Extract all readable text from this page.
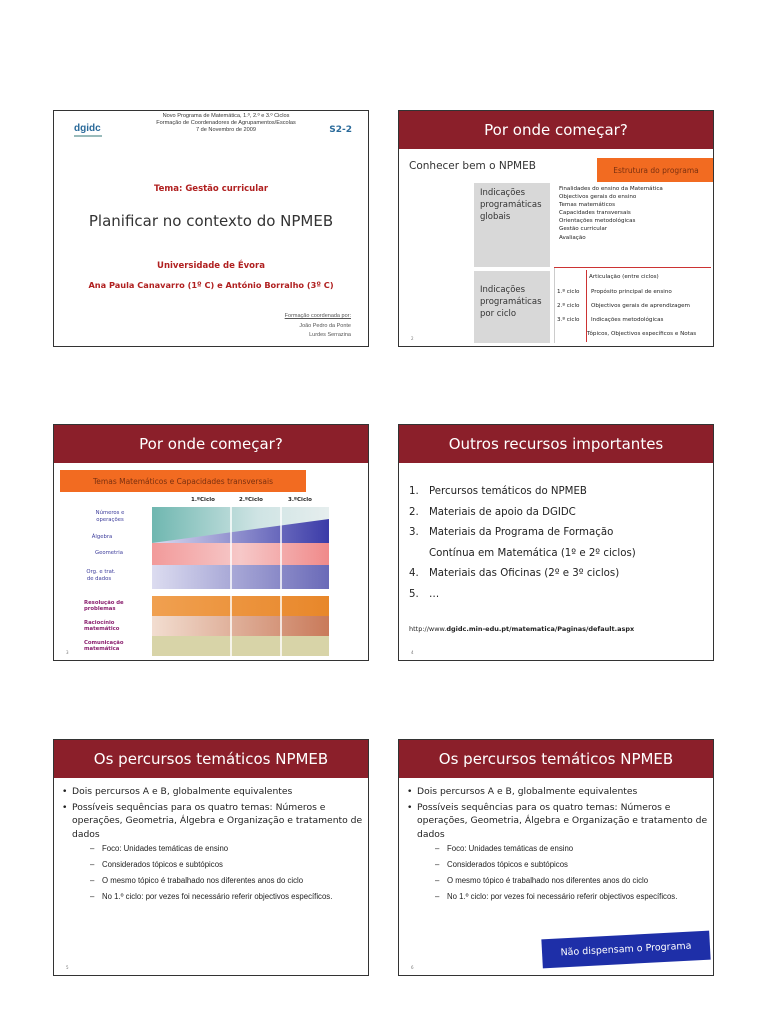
dgidc
Novo Programa de Matemática, 1.º, 2.º e 3.º Ciclos
Formação de Coordenadores de Agrupamentos/Escolas
7 de Novembro de 2009	S2-2
Tema: Gestão curricular
Planificar no contexto do NPMEB
Universidade de Évora
Ana Paula Canavarro (1º C) e António Borralho (3º C)
Formação coordenada por:
João Pedro da Ponte
Lurdes Serrazina
Por onde começar?
Conhecer bem o NPMEB	Estrutura do programa
Indicações programáticas globais
Indicações programáticas por ciclo
Finalidades do ensino da Matemática
Objectivos gerais do ensino
Temas matemáticos
Capacidades transversais
Orientações metodológicas
Gestão curricular
Avaliação
Articulação (entre ciclos)
1.º ciclo Propósito principal de ensino
2.º ciclo Objectivos gerais de aprendizagem
3.º ciclo Indicações metodológicas
Tópicos, Objectivos específicos e Notas
2
Por onde começar?
Temas Matemáticos e Capacidades transversais
1.ºCiclo	2.ºCiclo	3.ºCiclo
Números e
operações
Álgebra
Geometria
Org. e trat.
de dados
Resolução de
problemas
Raciocínio
matemático
Comunicação
matemática
3
Outros recursos importantes
1.	Percursos temáticos do NPMEB
2.	Materiais de apoio da DGIDC
3.	Materiais da Programa de Formação
Contínua em Matemática (1º e 2º ciclos)
4.	Materiais das Oficinas (2º e 3º ciclos)
5.	…
http://www.dgidc.min-edu.pt/matematica/Paginas/default.aspx
4
Os percursos temáticos NPMEB
• Dois percursos A e B, globalmente equivalentes
• Possíveis sequências para os quatro temas: Números e operações, Geometria, Álgebra e Organização e tratamento de dados
– Foco: Unidades temáticas de ensino
– Considerados tópicos e subtópicos
– O mesmo tópico é trabalhado nos diferentes anos do ciclo
– No 1.º ciclo: por vezes foi necessário referir objectivos específicos.
5
Os percursos temáticos NPMEB
• Dois percursos A e B, globalmente equivalentes
• Possíveis sequências para os quatro temas: Números e operações, Geometria, Álgebra e Organização e tratamento de dados
– Foco: Unidades temáticas de ensino
– Considerados tópicos e subtópicos
– O mesmo tópico é trabalhado nos diferentes anos do ciclo
– No 1.º ciclo: por vezes foi necessário referir objectivos específicos.
Não dispensam o Programa
6
